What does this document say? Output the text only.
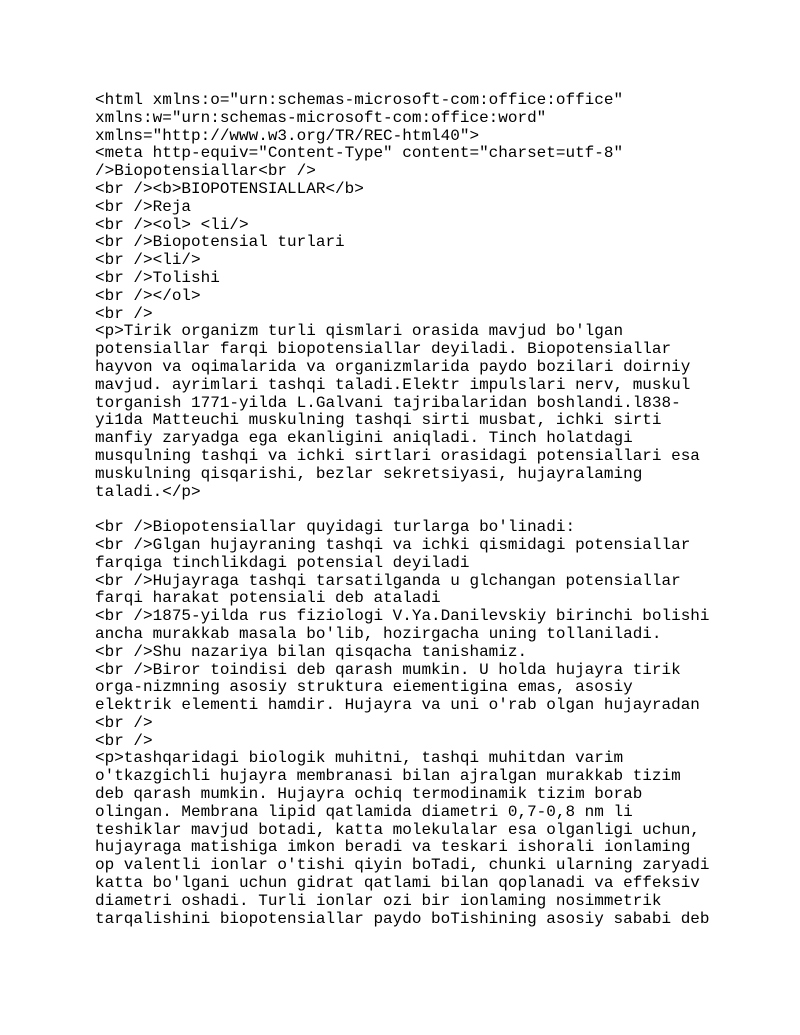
<html xmlns:o="urn:schemas-microsoft-com:office:office"
xmlns:w="urn:schemas-microsoft-com:office:word"
xmlns="http://www.w3.org/TR/REC-html40">
<meta http-equiv="Content-Type" content="charset=utf-8"
/>Biopotensiallar<br />
<br /><b>BIOPOTENSIALLAR</b>
<br />Reja
<br /><ol> <li/>
<br />Biopotensial turlari
<br /><li/>
<br />Tolishi
<br /></ol>
<br />
<p>Tirik organizm turli qismlari orasida mavjud bo'lgan
potensiallar farqi biopotensiallar deyiladi. Biopotensiallar
hayvon va oqimalarida va organizmlarida paydo bozilari doirniy
mavjud. ayrimlari tashqi taladi.Elektr impulslari nerv, muskul
torganish 1771-yilda L.Galvani tajribalaridan boshlandi.l838-
yi1da Matteuchi muskulning tashqi sirti musbat, ichki sirti
manfiy zaryadga ega ekanligini aniqladi. Tinch holatdagi
musqulning tashqi va ichki sirtlari orasidagi potensiallari esa
muskulning qisqarishi, bezlar sekretsiyasi, hujayralaming
taladi.</p>
<br />Biopotensiallar quyidagi turlarga bo'linadi:
<br />Glgan hujayraning tashqi va ichki qismidagi potensiallar
farqiga tinchlikdagi potensial deyiladi
<br />Hujayraga tashqi tarsatilganda u glchangan potensiallar
farqi harakat potensiali deb ataladi
<br />1875-yilda rus fiziologi V.Ya.Danilevskiy birinchi bolishi
ancha murakkab masala bo'lib, hozirgacha uning tollaniladi.
<br />Shu nazariya bilan qisqacha tanishamiz.
<br />Biror toindisi deb qarash mumkin. U holda hujayra tirik
orga-nizmning asosiy struktura eiementigina emas, asosiy
elektrik elementi hamdir. Hujayra va uni o'rab olgan hujayradan
<br />
<br />
<p>tashqaridagi biologik muhitni, tashqi muhitdan varim
o'tkazgichli hujayra membranasi bilan ajralgan murakkab tizim
deb qarash mumkin. Hujayra ochiq termodinamik tizim borab
olingan. Membrana lipid qatlamida diametri 0,7-0,8 nm li
teshiklar mavjud botadi, katta molekulalar esa olganligi uchun,
hujayraga matishiga imkon beradi va teskari ishorali ionlaming
op valentli ionlar o'tishi qiyin boTadi, chunki ularning zaryadi
katta bo'lgani uchun gidrat qatlami bilan qoplanadi va effeksiv
diametri oshadi. Turli ionlar ozi bir ionlaming nosimmetrik
tarqalishini biopotensiallar paydo boTishining asosiy sababi deb
